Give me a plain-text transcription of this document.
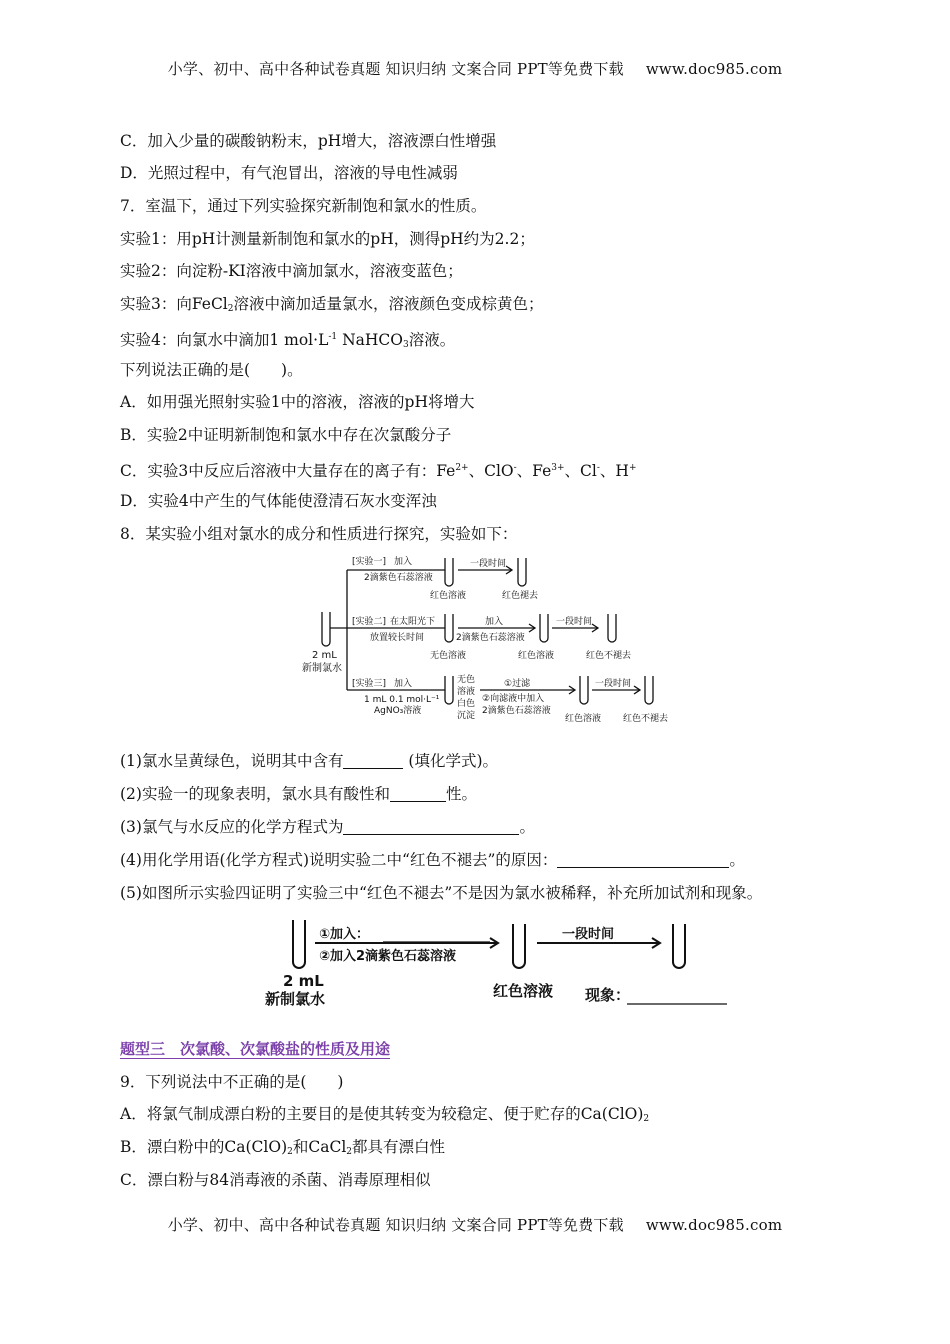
小学、初中、高中各种试卷真题 知识归纳 文案合同 PPT等免费下载 www.doc985.com
C．加入少量的碳酸钠粉末，pH增大，溶液漂白性增强
D．光照过程中，有气泡冒出，溶液的导电性减弱
7．室温下，通过下列实验探究新制饱和氯水的性质。
实验1：用pH计测量新制饱和氯水的pH，测得pH约为2.2；
实验2：向淀粉-KI溶液中滴加氯水，溶液变蓝色；
实验3：向FeCl$_2$溶液中滴加适量氯水，溶液颜色变成棕黄色；
实验4：向氯水中滴加1 $mol\cdot L^{-1}$ NaHCO$_3$溶液。
下列说法正确的是(　　)。
A．如用强光照射实验1中的溶液，溶液的pH将增大
B．实验2中证明新制饱和氯水中存在次氯酸分子
C．实验3中反应后溶液中大量存在的离子有：$Fe^{2+}$、ClO-、$Fe^{3+}$、Cl-、H+
D．实验4中产生的气体能使澄清石灰水变浑浊
8．某实验小组对氯水的成分和性质进行探究，实验如下：
2 mL
新制氯水
[实验一] 加入
2滴紫色石蕊溶液
红色溶液
一段时间
红色褪去
[实验二] 在太阳光下
放置较长时间
无色溶液
加入
2滴紫色石蕊溶液
红色溶液
一段时间
红色不褪去
[实验三] 加入
1 mL 0.1 mol·L⁻¹
AgNO₃溶液
无色
溶液
白色
沉淀
①过滤
②向滤液中加入
2滴紫色石蕊溶液
红色溶液
一段时间
红色不褪去
(1)氯水呈黄绿色，说明其中含有	(填化学式)。
(2)实验一的现象表明，氯水具有酸性和	性。
(3)氯气与水反应的化学方程式为	。
(4)用化学用语(化学方程式)说明实验二中“红色不褪去”的原因：	。
(5)如图所示实验四证明了实验三中“红色不褪去”不是因为氯水被稀释，补充所加试剂和现象。
2 mL
新制氯水
①加入：
②加入2滴紫色石蕊溶液
红色溶液
一段时间
现象：
题型三　 次氯酸、次氯酸盐的性质及用途
9．下列说法中不正确的是(　　)
A．将氯气制成漂白粉的主要目的是使其转变为较稳定、便于贮存的$Ca(ClO)_2$
B．漂白粉中的$Ca(ClO)_2$和CaCl$_2$都具有漂白性
C．漂白粉与84消毒液的杀菌、消毒原理相似
小学、初中、高中各种试卷真题 知识归纳 文案合同 PPT等免费下载 www.doc985.com
